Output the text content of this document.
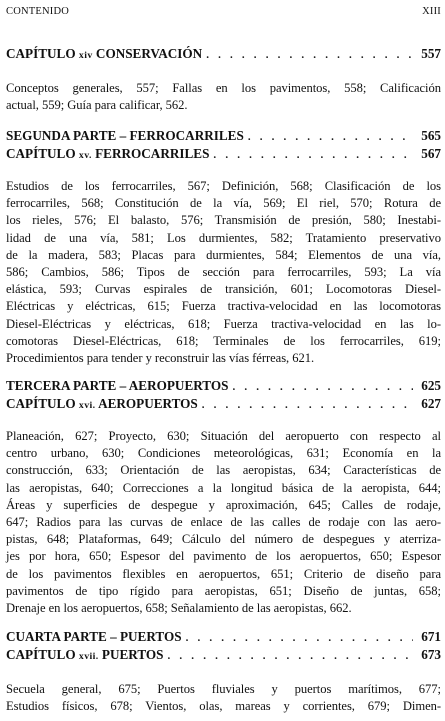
CONTENIDO	XIII
CAPÍTULO xiv CONSERVACIÓN . . .	557

Conceptos generales, 557; Fallas en los pavimentos, 558; Calificación
actual, 559; Guía para calificar, 562.

SEGUNDA PARTE – FERROCARRILES . . .	565
CAPÍTULO xv. FERROCARRILES . . .	567

Estudios de los ferrocarriles, 567; Definición, 568; Clasificación de los
ferrocarriles, 568; Constitución de la vía, 569; El riel, 570; Rotura de
los rieles, 576; El balasto, 576; Transmisión de presión, 580; Inestabi-
lidad de una vía, 581; Los durmientes, 582; Tratamiento preservativo
de la madera, 583; Placas para durmientes, 584; Elementos de una vía,
586; Cambios, 586; Tipos de sección para ferrocarriles, 593; La vía
elástica, 593; Curvas espirales de transición, 601; Locomotoras Diesel-
Eléctricas y eléctricas, 615; Fuerza tractiva-velocidad en las locomotoras
Diesel-Eléctricas y eléctricas, 618; Fuerza tractiva-velocidad en las lo-
comotoras Diesel-Eléctricas, 618; Terminales de los ferrocarriles, 619;
Procedimientos para tender y reconstruir las vías férreas, 621.

TERCERA PARTE – AEROPUERTOS . . .	625
CAPÍTULO xvi. AEROPUERTOS . . .	627

Planeación, 627; Proyecto, 630; Situación del aeropuerto con respecto al
centro urbano, 630; Condiciones meteorológicas, 631; Economía en la
construcción, 633; Orientación de las aeropistas, 634; Características de
las aeropistas, 640; Correcciones a la longitud básica de la aeropista, 644;
Áreas y superficies de despegue y aproximación, 645; Calles de rodaje,
647; Radios para las curvas de enlace de las calles de rodaje con las aero-
pistas, 648; Plataformas, 649; Cálculo del número de despegues y aterriza-
jes por hora, 650; Espesor del pavimento de los aeropuertos, 650; Espesor
de los pavimentos flexibles en aeropuertos, 651; Criterio de diseño para
pavimentos de tipo rígido para aeropistas, 651; Diseño de juntas, 658;
Drenaje en los aeropuertos, 658; Señalamiento de las aeropistas, 662.

CUARTA PARTE – PUERTOS . . .	671
CAPÍTULO xvii. PUERTOS . . .	673

Secuela general, 675; Puertos fluviales y puertos marítimos, 677;
Estudios físicos, 678; Vientos, olas, mareas y corrientes, 679; Dimen-
